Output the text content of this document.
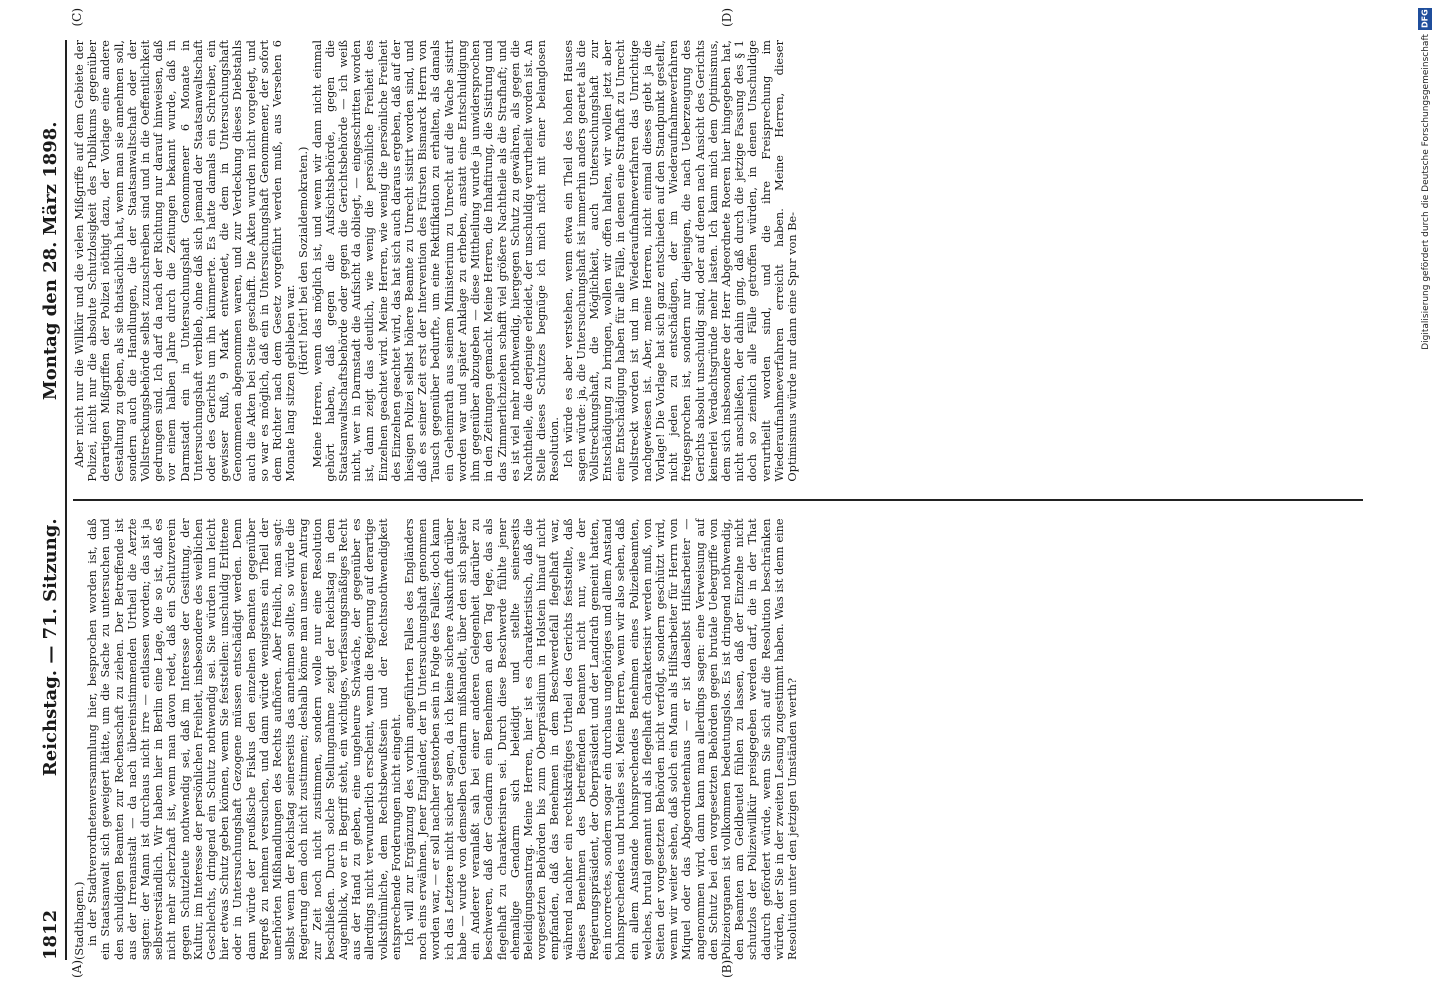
1812
Reichstag. — 71. Sitzung.
Montag den 28. März 1898.

(Stadthagen.) in der Stadtverordnetenversammlung hier, besprochen worden ist, daß ein Staatsanwalt sich geweigert hätte, um die Sache zu untersuchen und den schuldigen Beamten zur Rechenschaft zu ziehen. Der Betreffende ist aus der Irrenanstalt — da nach übereinstimmenden Urtheil die Aerzte sagten: der Mann ist durchaus nicht irre — entlassen worden; das ist ja selbstverständlich. Wir haben hier in Berlin eine Lage, die so ist, daß es nicht mehr scherzhaft ist, wenn man davon redet, daß ein Schutzverein gegen Schutzleute nothwendig sei, daß im Interesse der Gesittung, der Kultur, im Interesse der persönlichen Freiheit, insbesondere des weiblichen Geschlechts, dringend ein Schutz nothwendig sei. Sie würden nun leicht hier etwas Schutz geben können, wenn Sie feststellen: unschuldig Erlittene oder in Untersuchungshaft Gezogene müssen entschädigt werden. Denn dann würde der preußische Fiskus den einzelnen Beamten gegenüber Regreß zu nehmen versuchen, und dann würde wenigstens ein Theil der unerhörten Mißhandlungen des Rechts aufhören. Aber freilich, man sagt: selbst wenn der Reichstag seinerseits das annehmen sollte, so würde die Regierung dem doch nicht zustimmen; deshalb könne man unserem Antrag zur Zeit noch nicht zustimmen, sondern wolle nur eine Resolution beschließen. Durch solche Stellungnahme zeigt der Reichstag in dem Augenblick, wo er in Begriff steht, ein wichtiges, verfassungsmäßiges Recht aus der Hand zu geben, eine ungeheure Schwäche, der gegenüber es allerdings nicht verwunderlich erscheint, wenn die Regierung auf derartige volksthümliche, dem Rechtsbewußtsein und der Rechtsnothwendigkeit entsprechende Forderungen nicht eingeht. Ich will zur Ergänzung des vorhin angeführten Falles des Engländers noch eins erwähnen. Jener Engländer, der in Untersuchungshaft genommen worden war, — er soll nachher gestorben sein in Folge des Falles; doch kann ich das Letztere nicht sicher sagen, da ich keine sichere Auskunft darüber habe — wurde von demselben Gendarm mißhandelt, über den sich später ein Anderer veranlaßt sah bei einer anderen Gelegenheit darüber zu beschweren, daß der Gendarm ein Benehmen an den Tag lege, das als flegelhaft zu charakterisiren sei. Durch diese Beschwerde fühlte jener ehemalige Gendarm sich beleidigt und stellte seinerseits Beleidigungsantrag. Meine Herren, hier ist es charakteristisch, daß die vorgesetzten Behörden bis zum Oberpräsidium in Holstein hinauf nicht empfanden, daß das Benehmen in dem Beschwerdefall flegelhaft war, während nachher ein rechtskräftiges Urtheil des Gerichts feststellte, daß dieses Benehmen des betreffenden Beamten nicht nur, wie der Regierungspräsident, der Oberpräsident und der Landrath gemeint hatten, ein incorrectes, sondern sogar ein durchaus ungehöriges und allem Anstand hohnsprechendes und brutales sei. Meine Herren, wenn wir also sehen, daß ein allem Anstande hohnsprechendes Benehmen eines Polizeibeamten, welches, brutal genannt und als flegelhaft charakterisirt werden muß, von Seiten der vorgesetzten Behörden nicht verfolgt, sondern geschützt wird, wenn wir weiter sehen, daß solch ein Mann als Hilfsarbeiter für Herrn von Miquel oder das Abgeordnetenhaus — er ist daselbst Hilfsarbeiter — angenommen wird, dann kann man allerdings sagen: eine Verweisung auf den Schutz bei den vorgesetzten Behörden gegen brutale Uebergriffe von Polizeiorganen ist vollkommen bedeutungslos. Es ist dringend nothwendig, den Beamten am Geldbeutel fühlen zu lassen, daß der Einzelne nicht schutzlos der Polizeiwillkür preisgegeben werden darf, die in der That dadurch gefördert würde, wenn Sie sich auf die Resolution beschränken würden, der Sie in der zweiten Lesung zugestimmt haben. Was ist denn eine Resolution unter den jetzigen Umständen werth?

Aber nicht nur die Willkür und die vielen Mißgriffe auf dem Gebiete der Polizei, nicht nur die absolute Schutzlosigkeit des Publikums gegenüber derartigen Mißgriffen der Polizei nöthigt dazu, der Vorlage eine andere Gestaltung zu geben, als sie thatsächlich hat, wenn man sie annehmen soll, sondern auch die Handlungen, die der Staatsanwaltschaft oder der Vollstreckungsbehörde selbst zuzuschreiben sind und in die Oeffentlichkeit gedrungen sind. Ich darf da nach der Richtung nur darauf hinweisen, daß vor einem halben Jahre durch die Zeitungen bekannt wurde, daß in Darmstadt ein in Untersuchungshaft Genommener 6 Monate in Untersuchungshaft verblieb, ohne daß sich jemand der Staatsanwaltschaft oder des Gerichts um ihn kümmerte. Es hatte damals ein Schreiber, ein gewisser Ruß, 9 Mark entwendet, die dem in Untersuchungshaft Genommenen abgenommen waren, und zur Verdeckung dieses Diebstahls auch die Akten bei Seite geschafft. Die Akten wurden nicht vorgelegt, und so war es möglich, daß ein in Untersuchungshaft Genommener, der sofort dem Richter nach dem Gesetz vorgeführt werden muß, aus Versehen 6 Monate lang sitzen geblieben war.

(Hört! hört! bei den Sozialdemokraten.) Meine Herren, wenn das möglich ist, und wenn wir dann nicht einmal gehört haben, daß gegen die Aufsichtsbehörde, gegen die Staatsanwaltschaftsbehörde oder gegen die Gerichtsbehörde — ich weiß nicht, wer in Darmstadt die Aufsicht da obliegt, — eingeschritten worden ist, dann zeigt das deutlich, wie wenig die persönliche Freiheit des Einzelnen geachtet wird. Meine Herren, wie wenig die persönliche Freiheit des Einzelnen geachtet wird, das hat sich auch daraus ergeben, daß auf der hiesigen Polizei selbst höhere Beamte zu Unrecht sistirt worden sind, und daß es seiner Zeit erst der Intervention des Fürsten Bismarck Herrn von Tausch gegenüber bedurfte, um eine Rektifikation zu erhalten, als damals ein Geheimrath aus seinem Ministerium zu Unrecht auf die Wache sistirt worden war und später Anklage zu erheben, anstatt eine Entschuldigung ihm gegenüber abzugeben — diese Mittheilung wurde ja unwidersprochen in den Zeitungen gemacht. Meine Herren, die Inhaftirung, die Sistirung und das Zimmerlichziehen schafft viel größere Nachtheile als die Strafhaft; und es ist viel mehr nothwendig, hiergegen Schutz zu gewähren, als gegen die Nachtheile, die derjenige erleidet, der unschuldig verurtheilt worden ist. An Stelle dieses Schutzes begnüge ich mich nicht mit einer belanglosen Resolution. Ich würde es aber verstehen, wenn etwa ein Theil des hohen Hauses sagen würde: ja, die Untersuchungshaft ist immerhin anders geartet als die Vollstreckungshaft, die Möglichkeit, auch Untersuchungshaft zur Entschädigung zu bringen, wollen wir offen halten, wir wollen jetzt aber eine Entschädigung haben für alle Fälle, in denen eine Strafhaft zu Unrecht vollstreckt worden ist und im Wiederaufnahmeverfahren das Unrichtige nachgewiesen ist. Aber, meine Herren, nicht einmal dieses giebt ja die Vorlage! Die Vorlage hat sich ganz entschieden auf den Standpunkt gestellt, nicht jeden zu entschädigen, der im Wiederaufnahmeverfahren freigesprochen ist, sondern nur diejenigen, die nach Ueberzeugung des Gerichts absolut unschuldig sind, oder auf denen nach Ansicht des Gerichts keinerlei Verdachtsgründe mehr lasten. Ich kann mich dem Optimismus, dem sich insbesondere der Herr Abgeordnete Roeren hier hingegeben hat, nicht anschließen, der dahin ging, daß durch die jetzige Fassung des § 1 doch so ziemlich alle Fälle getroffen würden, in denen Unschuldige verurtheilt worden sind, und die ihre Freisprechung im Wiederaufnahmeverfahren erreicht haben. Meine Herren, dieser Optimismus würde nur dann eine Spur von Be-

(A)	(B)
(C)	(D)	DFG
Digitalisierung gefördert durch die Deutsche Forschungsgemeinschaft
